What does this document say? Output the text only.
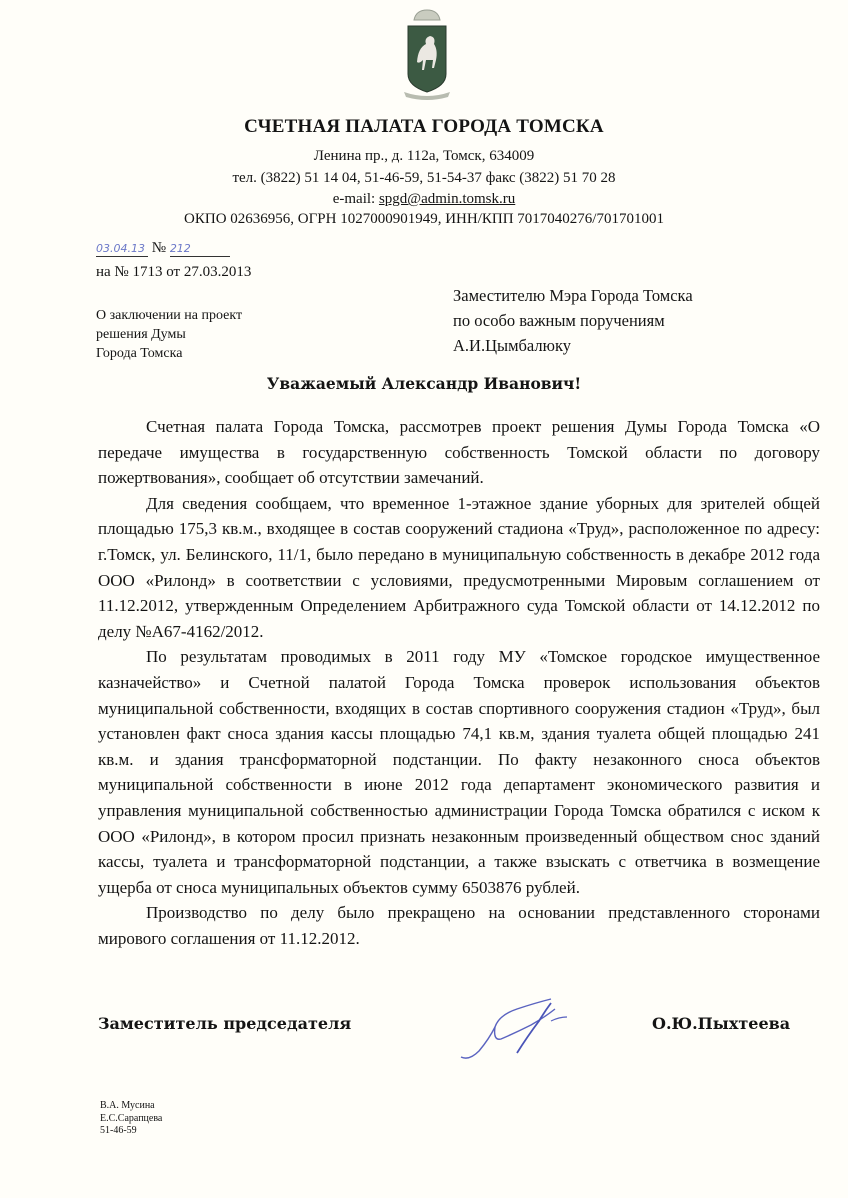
СЧЕТНАЯ ПАЛАТА ГОРОДА ТОМСКА
Ленина пр., д. 112а, Томск, 634009
тел. (3822) 51 14 04, 51-46-59, 51-54-37 факс (3822) 51 70 28
e-mail: spgd@admin.tomsk.ru
ОКПО 02636956, ОГРН 1027000901949, ИНН/КПП 7017040276/701701001
03.04.13 № 212
на № 1713 от 27.03.2013
О заключении на проект
решения Думы
Города Томска
Заместителю Мэра Города Томска
по особо важным поручениям
А.И.Цымбалюку
Уважаемый Александр Иванович!

Счетная палата Города Томска, рассмотрев проект решения Думы Города Томска «О передаче имущества в государственную собственность Томской области по договору пожертвования», сообщает об отсутствии замечаний.

Для сведения сообщаем, что временное 1-этажное здание уборных для зрителей общей площадью 175,3 кв.м., входящее в состав сооружений стадиона «Труд», расположенное по адресу: г.Томск, ул. Белинского, 11/1, было передано в муниципальную собственность в декабре 2012 года ООО «Рилонд» в соответствии с условиями, предусмотренными Мировым соглашением от 11.12.2012, утвержденным Определением Арбитражного суда Томской области от 14.12.2012 по делу №А67-4162/2012.

По результатам проводимых в 2011 году МУ «Томское городское имущественное казначейство» и Счетной палатой Города Томска проверок использования объектов муниципальной собственности, входящих в состав спортивного сооружения стадион «Труд», был установлен факт сноса здания кассы площадью 74,1 кв.м, здания туалета общей площадью 241 кв.м. и здания трансформаторной подстанции. По факту незаконного сноса объектов муниципальной собственности в июне 2012 года департамент экономического развития и управления муниципальной собственностью администрации Города Томска обратился с иском к ООО «Рилонд», в котором просил признать незаконным произведенный обществом снос зданий кассы, туалета и трансформаторной подстанции, а также взыскать с ответчика в возмещение ущерба от сноса муниципальных объектов сумму 6503876 рублей.

Производство по делу было прекращено на основании представленного сторонами мирового соглашения от 11.12.2012.

Заместитель председателя	О.Ю.Пыхтеева
В.А. Мусина
Е.С.Сарапцева
51-46-59
